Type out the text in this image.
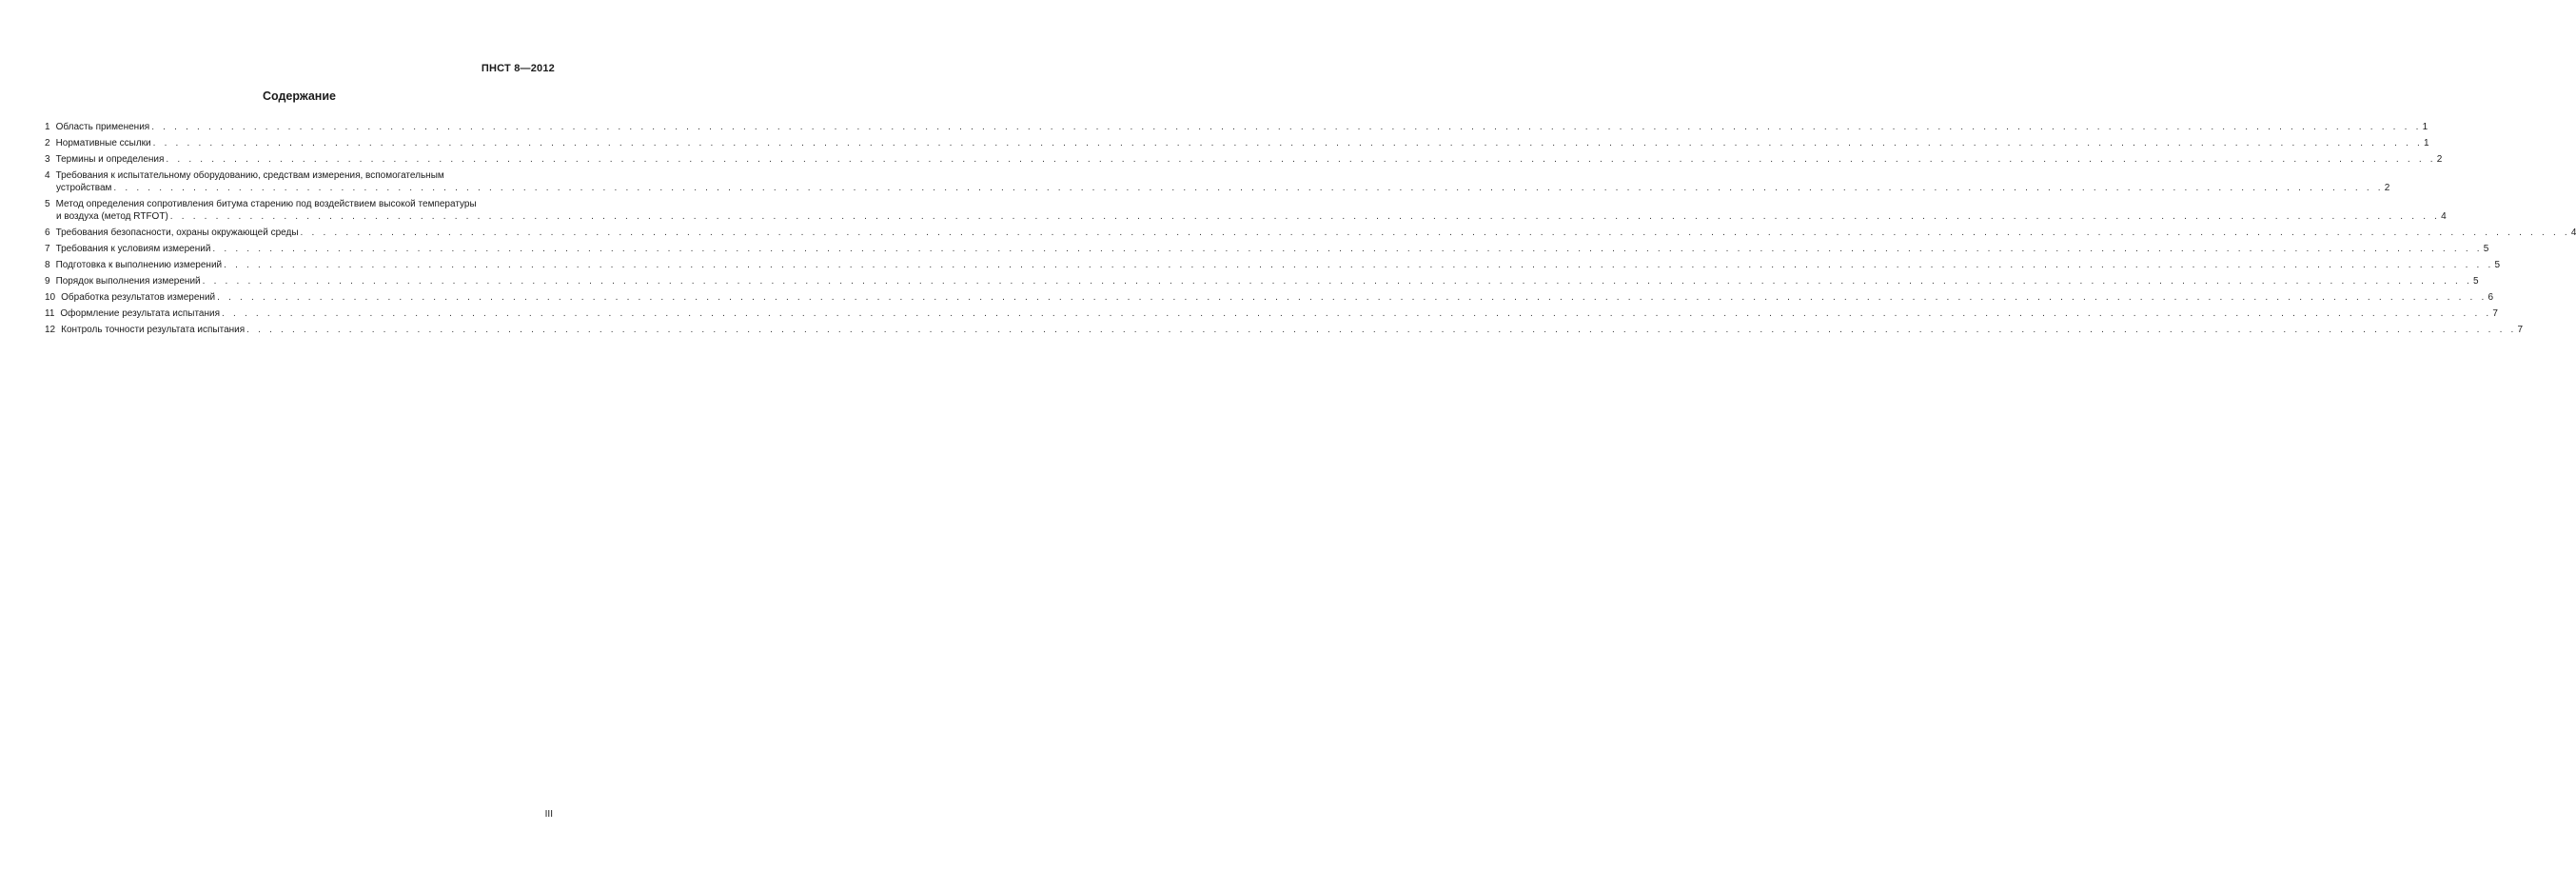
ПНСТ 8—2012
Содержание
1 Область применения . . . . . . . . . . . . . . . . . . . . . . . . . . . . . . . . . . . . . . . . . . . . . . . . . . . . . . . . . . . . . . . . . . . . . . . . . . . . . . . . . . . . . . . . . . . . . . . . . . . . . . . . . . . . . . . . . . . . . . . . . . . . . . . . . . . . . . . . . . . . . . . . . . . . . . . . . . . . . . . . . . . . . . . . . . . . . . . . . . . . . . . . . . . . . . . . . . . . . . . . 1
2 Нормативные ссылки . . . . . . . . . . . . . . . . . . . . . . . . . . . . . . . . . . . . . . . . . . . . . . . . . . . . . . . . . . . . . . . . . . . . . . . . . . . . . . . . . . . . . . . . . . . . . . . . . . . . . . . . . . . . . . . . . . . . . . . . . . . . . . . . . . . . . . . . . . . . . . . . . . . . . . . . . . . . . . . . . . . . . . . . . . . . . . . . . . . . . . . . . . . . . . . . . . . . . . . . 1
3 Термины и определения . . . . . . . . . . . . . . . . . . . . . . . . . . . . . . . . . . . . . . . . . . . . . . . . . . . . . . . . . . . . . . . . . . . . . . . . . . . . . . . . . . . . . . . . . . . . . . . . . . . . . . . . . . . . . . . . . . . . . . . . . . . . . . . . . . . . . . . . . . . . . . . . . . . . . . . . . . . . . . . . . . . . . . . . . . . . . . . . . . . . . . . . . . . . . . . . . . . . . . . . 2
4 Требования к испытательному оборудованию, средствам измерения, вспомогательным
устройствам . . . . . . . . . . . . . . . . . . . . . . . . . . . . . . . . . . . . . . . . . . . . . . . . . . . . . . . . . . . . . . . . . . . . . . . . . . . . . . . . . . . . . . . . . . . . . . . . . . . . . . . . . . . . . . . . . . . . . . . . . . . . . . . . . . . . . . . . . . . . . . . . . . . . . . . . . . . . . . . . . . . . . . . . . . . . . . . . . . . . . . . . . . . . . . . . . . . . . . . . 2
5 Метод определения сопротивления битума старению под воздействием высокой температуры
и воздуха (метод RTFOT) . . . . . . . . . . . . . . . . . . . . . . . . . . . . . . . . . . . . . . . . . . . . . . . . . . . . . . . . . . . . . . . . . . . . . . . . . . . . . . . . . . . . . . . . . . . . . . . . . . . . . . . . . . . . . . . . . . . . . . . . . . . . . . . . . . . . . . . . . . . . . . . . . . . . . . . . . . . . . . . . . . . . . . . . . . . . . . . . . . . . . . . . . . . . . . . . . . . . . . . . 4
6 Требования безопасности, охраны окружающей среды . . . . . . . . . . . . . . . . . . . . . . . . . . . . . . . . . . . . . . . . . . . . . . . . . . . . . . . . . . . . . . . . . . . . . . . . . . . . . . . . . . . . . . . . . . . . . . . . . . . . . . . . . . . . . . . . . . . . . . . . . . . . . . . . . . . . . . . . . . . . . . . . . . . . . . . . . . . . . . . . . . . . . . . . . . . . . . . . . . . . . . . . . . . . . . . . . . . . . . . . 4
7 Требования к условиям измерений . . . . . . . . . . . . . . . . . . . . . . . . . . . . . . . . . . . . . . . . . . . . . . . . . . . . . . . . . . . . . . . . . . . . . . . . . . . . . . . . . . . . . . . . . . . . . . . . . . . . . . . . . . . . . . . . . . . . . . . . . . . . . . . . . . . . . . . . . . . . . . . . . . . . . . . . . . . . . . . . . . . . . . . . . . . . . . . . . . . . . . . . . . . . . . . . . . . . . . . . 5
8 Подготовка к выполнению измерений . . . . . . . . . . . . . . . . . . . . . . . . . . . . . . . . . . . . . . . . . . . . . . . . . . . . . . . . . . . . . . . . . . . . . . . . . . . . . . . . . . . . . . . . . . . . . . . . . . . . . . . . . . . . . . . . . . . . . . . . . . . . . . . . . . . . . . . . . . . . . . . . . . . . . . . . . . . . . . . . . . . . . . . . . . . . . . . . . . . . . . . . . . . . . . . . . . . . . . . . 5
9 Порядок выполнения измерений . . . . . . . . . . . . . . . . . . . . . . . . . . . . . . . . . . . . . . . . . . . . . . . . . . . . . . . . . . . . . . . . . . . . . . . . . . . . . . . . . . . . . . . . . . . . . . . . . . . . . . . . . . . . . . . . . . . . . . . . . . . . . . . . . . . . . . . . . . . . . . . . . . . . . . . . . . . . . . . . . . . . . . . . . . . . . . . . . . . . . . . . . . . . . . . . . . . . . . . . 5
10 Обработка результатов измерений . . . . . . . . . . . . . . . . . . . . . . . . . . . . . . . . . . . . . . . . . . . . . . . . . . . . . . . . . . . . . . . . . . . . . . . . . . . . . . . . . . . . . . . . . . . . . . . . . . . . . . . . . . . . . . . . . . . . . . . . . . . . . . . . . . . . . . . . . . . . . . . . . . . . . . . . . . . . . . . . . . . . . . . . . . . . . . . . . . . . . . . . . . . . . . . . . . . . . . . . 6
11 Оформление результата испытания . . . . . . . . . . . . . . . . . . . . . . . . . . . . . . . . . . . . . . . . . . . . . . . . . . . . . . . . . . . . . . . . . . . . . . . . . . . . . . . . . . . . . . . . . . . . . . . . . . . . . . . . . . . . . . . . . . . . . . . . . . . . . . . . . . . . . . . . . . . . . . . . . . . . . . . . . . . . . . . . . . . . . . . . . . . . . . . . . . . . . . . . . . . . . . . . . . . . . . . . 7
12 Контроль точности результата испытания . . . . . . . . . . . . . . . . . . . . . . . . . . . . . . . . . . . . . . . . . . . . . . . . . . . . . . . . . . . . . . . . . . . . . . . . . . . . . . . . . . . . . . . . . . . . . . . . . . . . . . . . . . . . . . . . . . . . . . . . . . . . . . . . . . . . . . . . . . . . . . . . . . . . . . . . . . . . . . . . . . . . . . . . . . . . . . . . . . . . . . . . . . . . . . . . . . . . . . . . 7
III
